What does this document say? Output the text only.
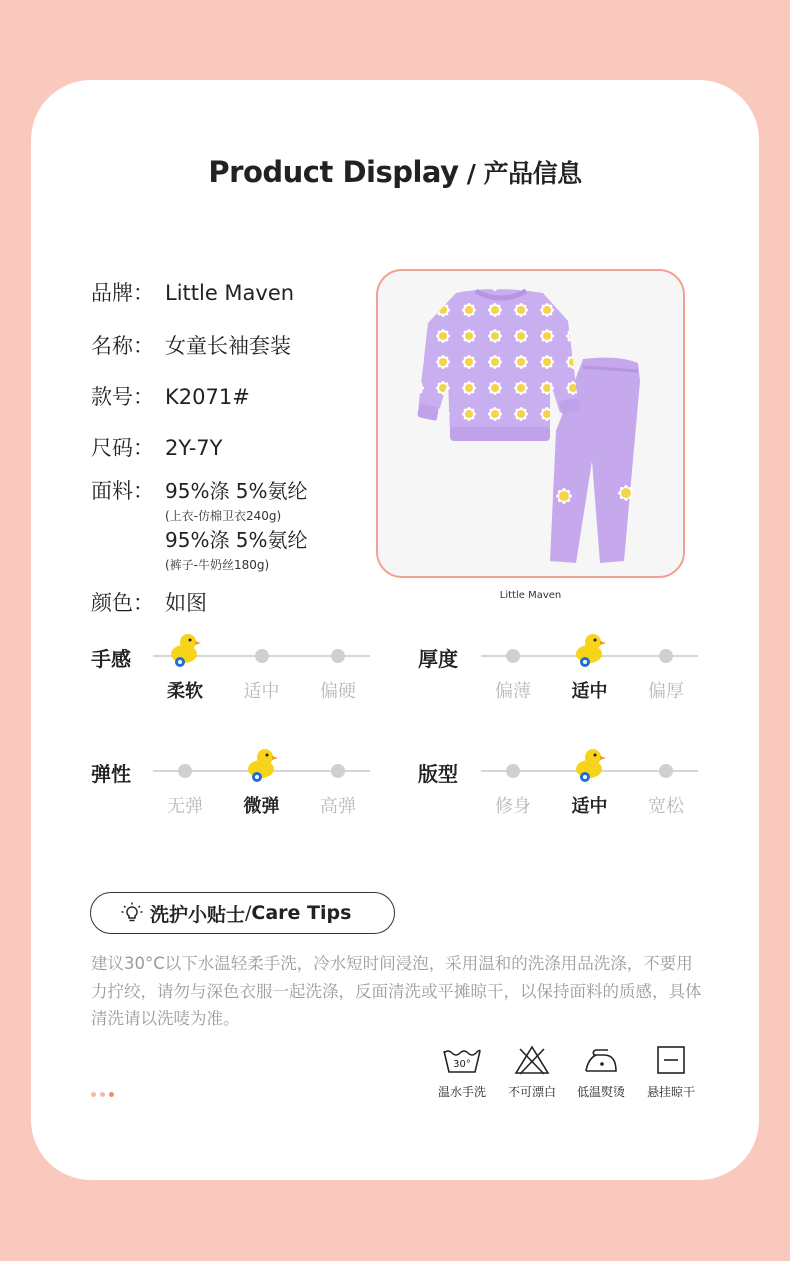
Product Display / 产品信息
品牌： Little Maven
名称： 女童长袖套装
款号： K2071#
尺码： 2Y-7Y
面料： 95%涤 5%氨纶
(上衣-仿棉卫衣240g)
95%涤 5%氨纶
(裤子-牛奶丝180g)
颜色： 如图	Little Maven
手感
柔软	适中	偏硬
厚度
偏薄	适中	偏厚
弹性
无弹	微弹	高弹
版型
修身	适中	宽松
洗护小贴士 / Care Tips
建议30°C以下水温轻柔手洗，冷水短时间浸泡，采用温和的洗涤用品洗涤，不要用力拧绞，请勿与深色衣服一起洗涤，反面清洗或平摊晾干，以保持面料的质感，具体清洗请以洗唛为准。
30°
温水手洗	不可漂白	低温熨烫	悬挂晾干
